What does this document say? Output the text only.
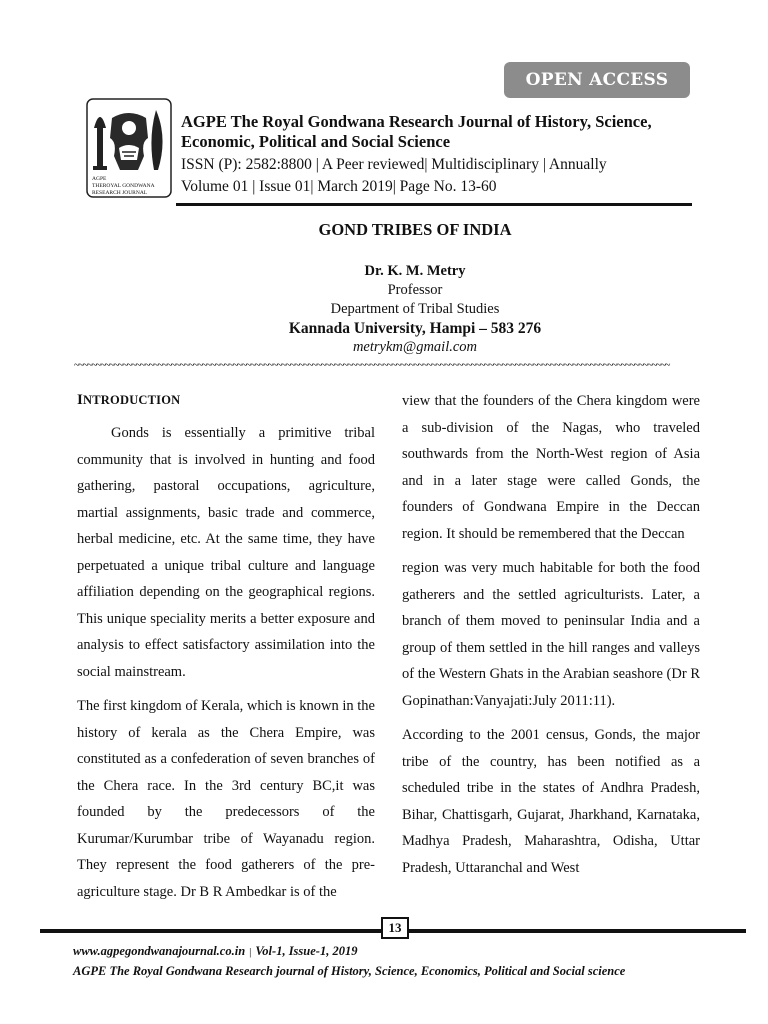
OPEN ACCESS
AGPE
THEROYAL GONDWANA
RESEARCH JOURNAL
AGPE The Royal Gondwana Research Journal of History, Science,
Economic, Political and Social Science
ISSN (P): 2582:8800 | A Peer reviewed| Multidisciplinary | Annually
Volume 01 | Issue 01| March 2019| Page No. 13-60
GOND TRIBES OF INDIA
Dr. K. M. Metry
Professor
Department of Tribal Studies
Kannada University, Hampi – 583 276
metrykm@gmail.com
~~~~~~~~~~~~~~~~~~~~~~~~~~~~~~~~~~~~~~~~~~~~~~~~~~~~~~~~~~~~~~~~~~~~~~~~~~~~~~~~~~~~~~~~~~~~~~~~~~~~~~~~~~~~~~~~~~~~~~~~~~~~~~~~~~~~~~~

INTRODUCTION

Gonds is essentially a primitive tribal community that is involved in hunting and food gathering, pastoral occupations, agriculture, martial assignments, basic trade and commerce, herbal medicine, etc. At the same time, they have perpetuated a unique tribal culture and language affiliation depending on the geographical regions. This unique speciality merits a better exposure and analysis to effect satisfactory assimilation into the social mainstream.

The first kingdom of Kerala, which is known in the history of kerala as the Chera Empire, was constituted as a confederation of seven branches of the Chera race. In the 3rd century BC,it was founded by the predecessors of the Kurumar/Kurumbar tribe of Wayanadu region. They represent the food gatherers of the pre-agriculture stage. Dr B R Ambedkar is of the

view that the founders of the Chera kingdom were a sub-division of the Nagas, who traveled southwards from the North-West region of Asia and in a later stage were called Gonds, the founders of Gondwana Empire in the Deccan region. It should be remembered that the Deccan

region was very much habitable for both the food gatherers and the settled agriculturists. Later, a branch of them moved to peninsular India and a group of them settled in the hill ranges and valleys of the Western Ghats in the Arabian seashore (Dr R Gopinathan:Vanyajati:July 2011:11).

According to the 2001 census, Gonds, the major tribe of the country, has been notified as a scheduled tribe in the states of Andhra Pradesh, Bihar, Chattisgarh, Gujarat, Jharkhand, Karnataka, Madhya Pradesh, Maharashtra, Odisha, Uttar Pradesh, Uttaranchal and West

13
www.agpegondwanajournal.co.in | Vol-1, Issue-1, 2019
AGPE The Royal Gondwana Research journal of History, Science, Economics, Political and Social science
